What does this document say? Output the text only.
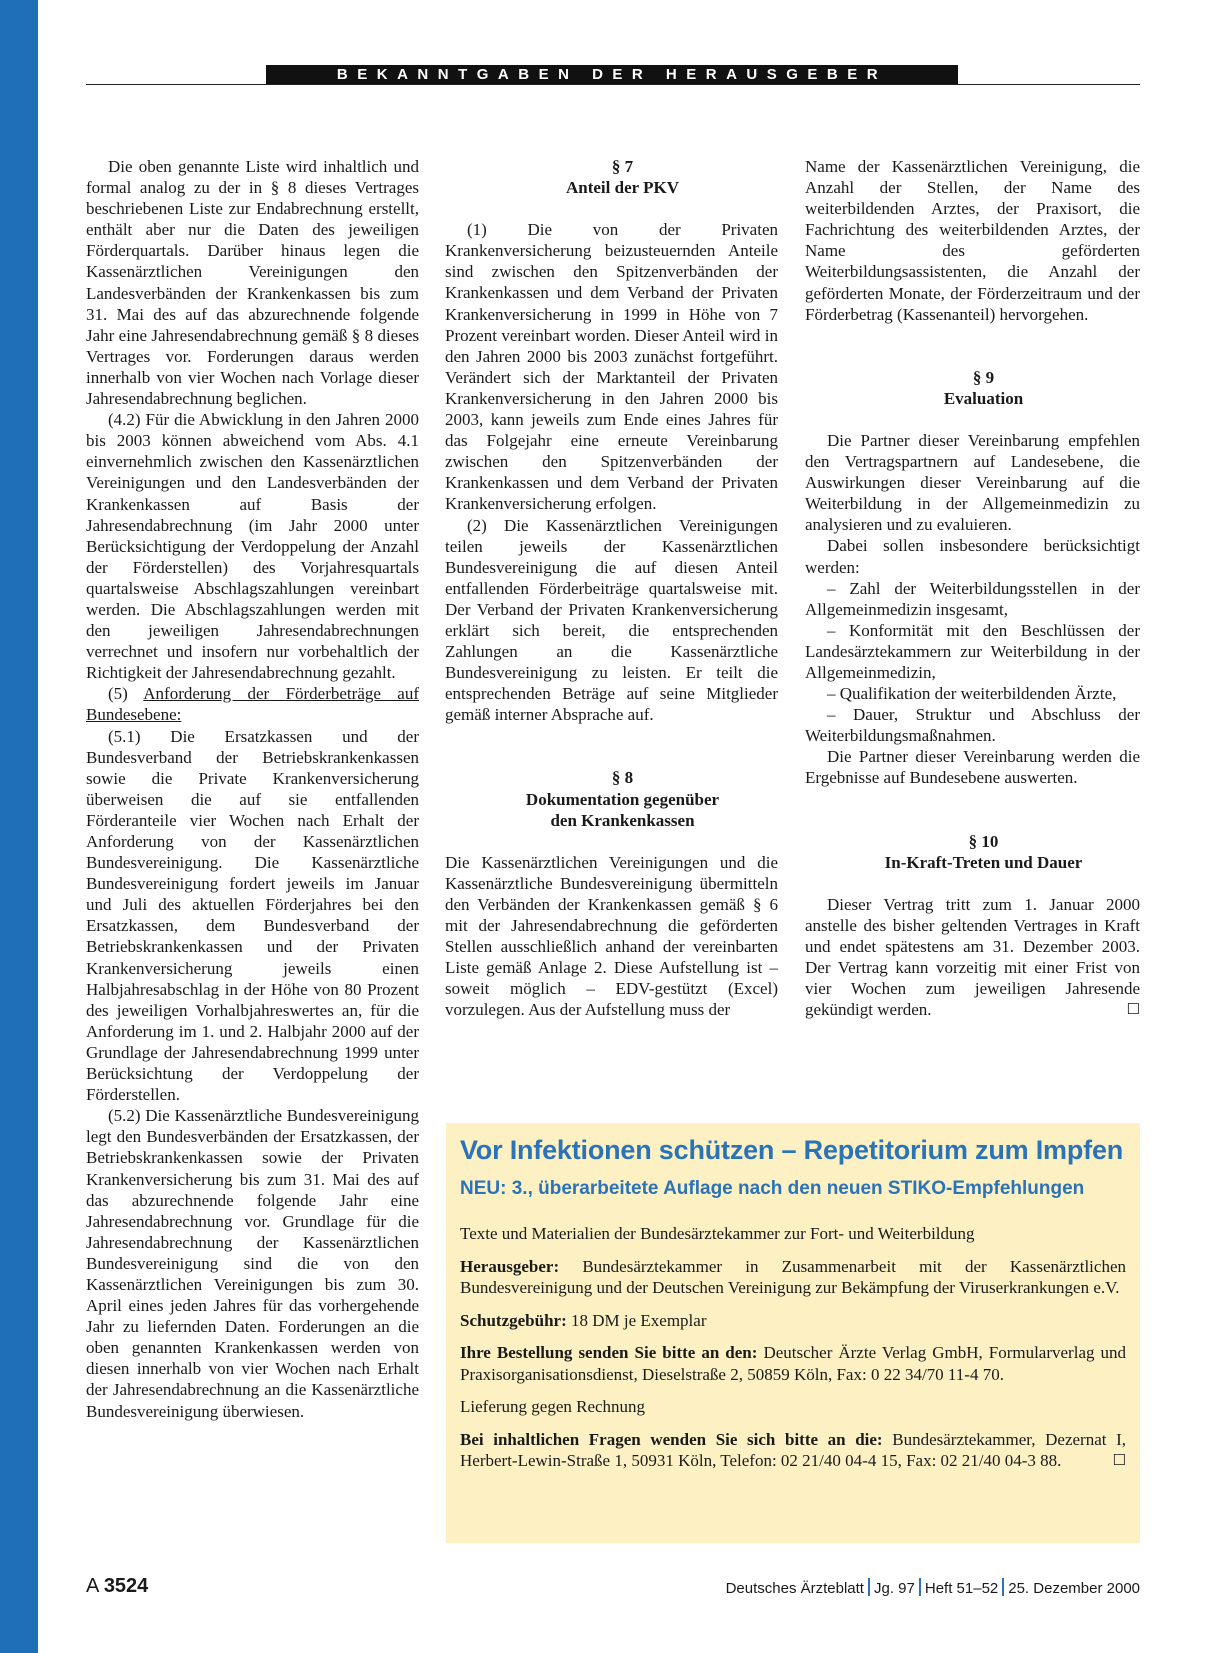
BEKANNTGABEN DER HERAUSGEBER

Die oben genannte Liste wird inhaltlich und formal analog zu der in § 8 dieses Vertrages beschriebenen Liste zur Endabrechnung erstellt, enthält aber nur die Daten des jeweiligen Förderquartals. Darüber hinaus legen die Kassenärztlichen Vereinigungen den Landesverbänden der Krankenkassen bis zum 31. Mai des auf das abzurechnende folgende Jahr eine Jahresendabrechnung gemäß § 8 dieses Vertrages vor. Forderungen daraus werden innerhalb von vier Wochen nach Vorlage dieser Jahresendabrechnung beglichen.

(4.2) Für die Abwicklung in den Jahren 2000 bis 2003 können abweichend vom Abs. 4.1 einvernehmlich zwischen den Kassenärztlichen Vereinigungen und den Landesverbänden der Krankenkassen auf Basis der Jahresendabrechnung (im Jahr 2000 unter Berücksichtigung der Verdoppelung der Anzahl der Förderstellen) des Vorjahresquartals quartalsweise Abschlagszahlungen vereinbart werden. Die Abschlagszahlungen werden mit den jeweiligen Jahresendabrechnungen verrechnet und insofern nur vorbehaltlich der Richtigkeit der Jahresendabrechnung gezahlt.

(5) Anforderung der Förderbeträge auf Bundesebene:

(5.1) Die Ersatzkassen und der Bundesverband der Betriebskrankenkassen sowie die Private Krankenversicherung überweisen die auf sie entfallenden Förderanteile vier Wochen nach Erhalt der Anforderung von der Kassenärztlichen Bundesvereinigung. Die Kassenärztliche Bundesvereinigung fordert jeweils im Januar und Juli des aktuellen Förderjahres bei den Ersatzkassen, dem Bundesverband der Betriebskrankenkassen und der Privaten Krankenversicherung jeweils einen Halbjahresabschlag in der Höhe von 80 Prozent des jeweiligen Vorhalbjahreswertes an, für die Anforderung im 1. und 2. Halbjahr 2000 auf der Grundlage der Jahresendabrechnung 1999 unter Berücksichtung der Verdoppelung der Förderstellen.

(5.2) Die Kassenärztliche Bundesvereinigung legt den Bundesverbänden der Ersatzkassen, der Betriebskrankenkassen sowie der Privaten Krankenversicherung bis zum 31. Mai des auf das abzurechnende folgende Jahr eine Jahresendabrechnung vor. Grundlage für die Jahresendabrechnung der Kassenärztlichen Bundesvereinigung sind die von den Kassenärztlichen Vereinigungen bis zum 30. April eines jeden Jahres für das vorhergehende Jahr zu liefernden Daten. Forderungen an die oben genannten Krankenkassen werden von diesen innerhalb von vier Wochen nach Erhalt der Jahresendabrechnung an die Kassenärztliche Bundesvereinigung überwiesen.

§ 7

Anteil der PKV

(1) Die von der Privaten Krankenversicherung beizusteuernden Anteile sind zwischen den Spitzenverbänden der Krankenkassen und dem Verband der Privaten Krankenversicherung in 1999 in Höhe von 7 Prozent vereinbart worden. Dieser Anteil wird in den Jahren 2000 bis 2003 zunächst fortgeführt. Verändert sich der Marktanteil der Privaten Krankenversicherung in den Jahren 2000 bis 2003, kann jeweils zum Ende eines Jahres für das Folgejahr eine erneute Vereinbarung zwischen den Spitzenverbänden der Krankenkassen und dem Verband der Privaten Krankenversicherung erfolgen.

(2) Die Kassenärztlichen Vereinigungen teilen jeweils der Kassenärztlichen Bundesvereinigung die auf diesen Anteil entfallenden Förderbeiträge quartalsweise mit. Der Verband der Privaten Krankenversicherung erklärt sich bereit, die entsprechenden Zahlungen an die Kassenärztliche Bundesvereinigung zu leisten. Er teilt die entsprechenden Beträge auf seine Mitglieder gemäß interner Absprache auf.

§ 8

Dokumentation gegenüber

den Krankenkassen

Die Kassenärztlichen Vereinigungen und die Kassenärztliche Bundesvereinigung übermitteln den Verbänden der Krankenkassen gemäß § 6 mit der Jahresendabrechnung die geförderten Stellen ausschließlich anhand der vereinbarten Liste gemäß Anlage 2. Diese Aufstellung ist – soweit möglich – EDV-gestützt (Excel) vorzulegen. Aus der Aufstellung muss der

Name der Kassenärztlichen Vereinigung, die Anzahl der Stellen, der Name des weiterbildenden Arztes, der Praxisort, die Fachrichtung des weiterbildenden Arztes, der Name des geförderten Weiterbildungsassistenten, die Anzahl der geförderten Monate, der Förderzeitraum und der Förderbetrag (Kassenanteil) hervorgehen.

§ 9

Evaluation

Die Partner dieser Vereinbarung empfehlen den Vertragspartnern auf Landesebene, die Auswirkungen dieser Vereinbarung auf die Weiterbildung in der Allgemeinmedizin zu analysieren und zu evaluieren.

Dabei sollen insbesondere berücksichtigt werden:

– Zahl der Weiterbildungsstellen in der Allgemeinmedizin insgesamt,

– Konformität mit den Beschlüssen der Landesärztekammern zur Weiterbildung in der Allgemeinmedizin,

– Qualifikation der weiterbildenden Ärzte,

– Dauer, Struktur und Abschluss der Weiterbildungsmaßnahmen.

Die Partner dieser Vereinbarung werden die Ergebnisse auf Bundesebene auswerten.

§ 10

In-Kraft-Treten und Dauer

Dieser Vertrag tritt zum 1. Januar 2000 anstelle des bisher geltenden Vertrages in Kraft und endet spätestens am 31. Dezember 2003. Der Vertrag kann vorzeitig mit einer Frist von vier Wochen zum jeweiligen Jahresende gekündigt werden.	☐

Vor Infektionen schützen – Repetitorium zum Impfen
NEU: 3., überarbeitete Auflage nach den neuen STIKO-Empfehlungen

Texte und Materialien der Bundesärztekammer zur Fort- und Weiterbildung

Herausgeber: Bundesärztekammer in Zusammenarbeit mit der Kassenärztlichen Bundesvereinigung und der Deutschen Vereinigung zur Bekämpfung der Viruserkrankungen e.V.

Schutzgebühr: 18 DM je Exemplar

Ihre Bestellung senden Sie bitte an den: Deutscher Ärzte Verlag GmbH, Formularverlag und Praxisorganisationsdienst, Dieselstraße 2, 50859 Köln, Fax: 0 22 34/70 11-4 70.

Lieferung gegen Rechnung

Bei inhaltlichen Fragen wenden Sie sich bitte an die: Bundesärztekammer, Dezernat I, Herbert-Lewin-Straße 1, 50931 Köln, Telefon: 02 21/40 04-4 15, Fax: 02 21/40 04-3 88.	☐

A 3524	Deutsches Ärzteblatt Jg. 97 Heft 51–52 25. Dezember 2000
